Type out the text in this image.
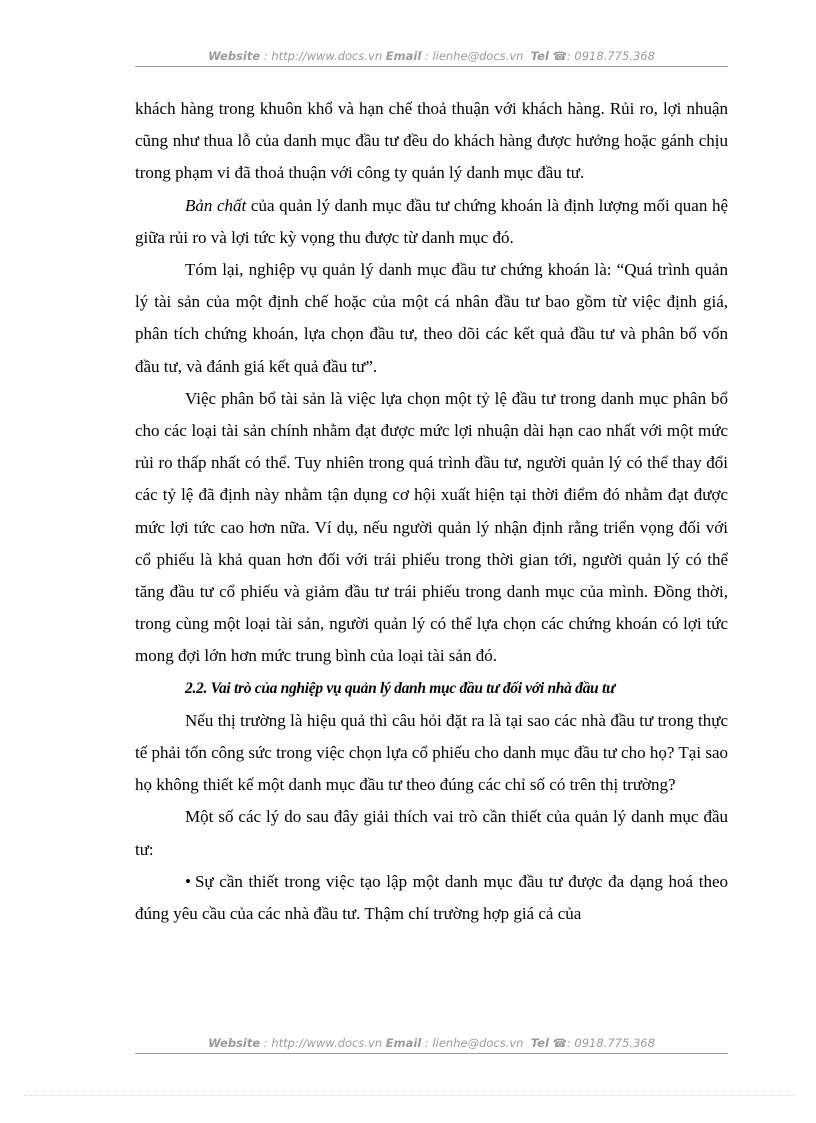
Website : http://www.docs.vn Email : lienhe@docs.vn Tel ☎: 0918.775.368

khách hàng trong khuôn khổ và hạn chế thoả thuận với khách hàng. Rủi ro, lợi nhuận cũng như thua lỗ của danh mục đầu tư đều do khách hàng được hưởng hoặc gánh chịu trong phạm vi đã thoả thuận với công ty quản lý danh mục đầu tư.

Bản chất của quản lý danh mục đầu tư chứng khoán là định lượng mối quan hệ giữa rủi ro và lợi tức kỳ vọng thu được từ danh mục đó.

Tóm lại, nghiệp vụ quản lý danh mục đầu tư chứng khoán là: “Quá trình quản lý tài sản của một định chế hoặc của một cá nhân đầu tư bao gồm từ việc định giá, phân tích chứng khoán, lựa chọn đầu tư, theo dõi các kết quả đầu tư và phân bổ vốn đầu tư, và đánh giá kết quả đầu tư”.

Việc phân bổ tài sản là việc lựa chọn một tỷ lệ đầu tư trong danh mục phân bổ cho các loại tài sản chính nhằm đạt được mức lợi nhuận dài hạn cao nhất với một mức rủi ro thấp nhất có thể. Tuy nhiên trong quá trình đầu tư, người quản lý có thể thay đổi các tỷ lệ đã định này nhằm tận dụng cơ hội xuất hiện tại thời điểm đó nhằm đạt được mức lợi tức cao hơn nữa. Ví dụ, nếu người quản lý nhận định rằng triển vọng đối với cổ phiếu là khả quan hơn đối với trái phiếu trong thời gian tới, người quản lý có thể tăng đầu tư cổ phiếu và giảm đầu tư trái phiếu trong danh mục của mình. Đồng thời, trong cùng một loại tài sản, người quản lý có thể lựa chọn các chứng khoán có lợi tức mong đợi lớn hơn mức trung bình của loại tài sản đó.

2.2. Vai trò của nghiệp vụ quản lý danh mục đầu tư đối với nhà đầu tư

Nếu thị trường là hiệu quả thì câu hỏi đặt ra là tại sao các nhà đầu tư trong thực tế phải tốn công sức trong việc chọn lựa cổ phiếu cho danh mục đầu tư cho họ? Tại sao họ không thiết kế một danh mục đầu tư theo đúng các chỉ số có trên thị trường?

Một số các lý do sau đây giải thích vai trò cần thiết của quản lý danh mục đầu tư:

• Sự cần thiết trong việc tạo lập một danh mục đầu tư được đa dạng hoá theo đúng yêu cầu của các nhà đầu tư. Thậm chí trường hợp giá cả của

Website : http://www.docs.vn Email : lienhe@docs.vn Tel ☎: 0918.775.368
